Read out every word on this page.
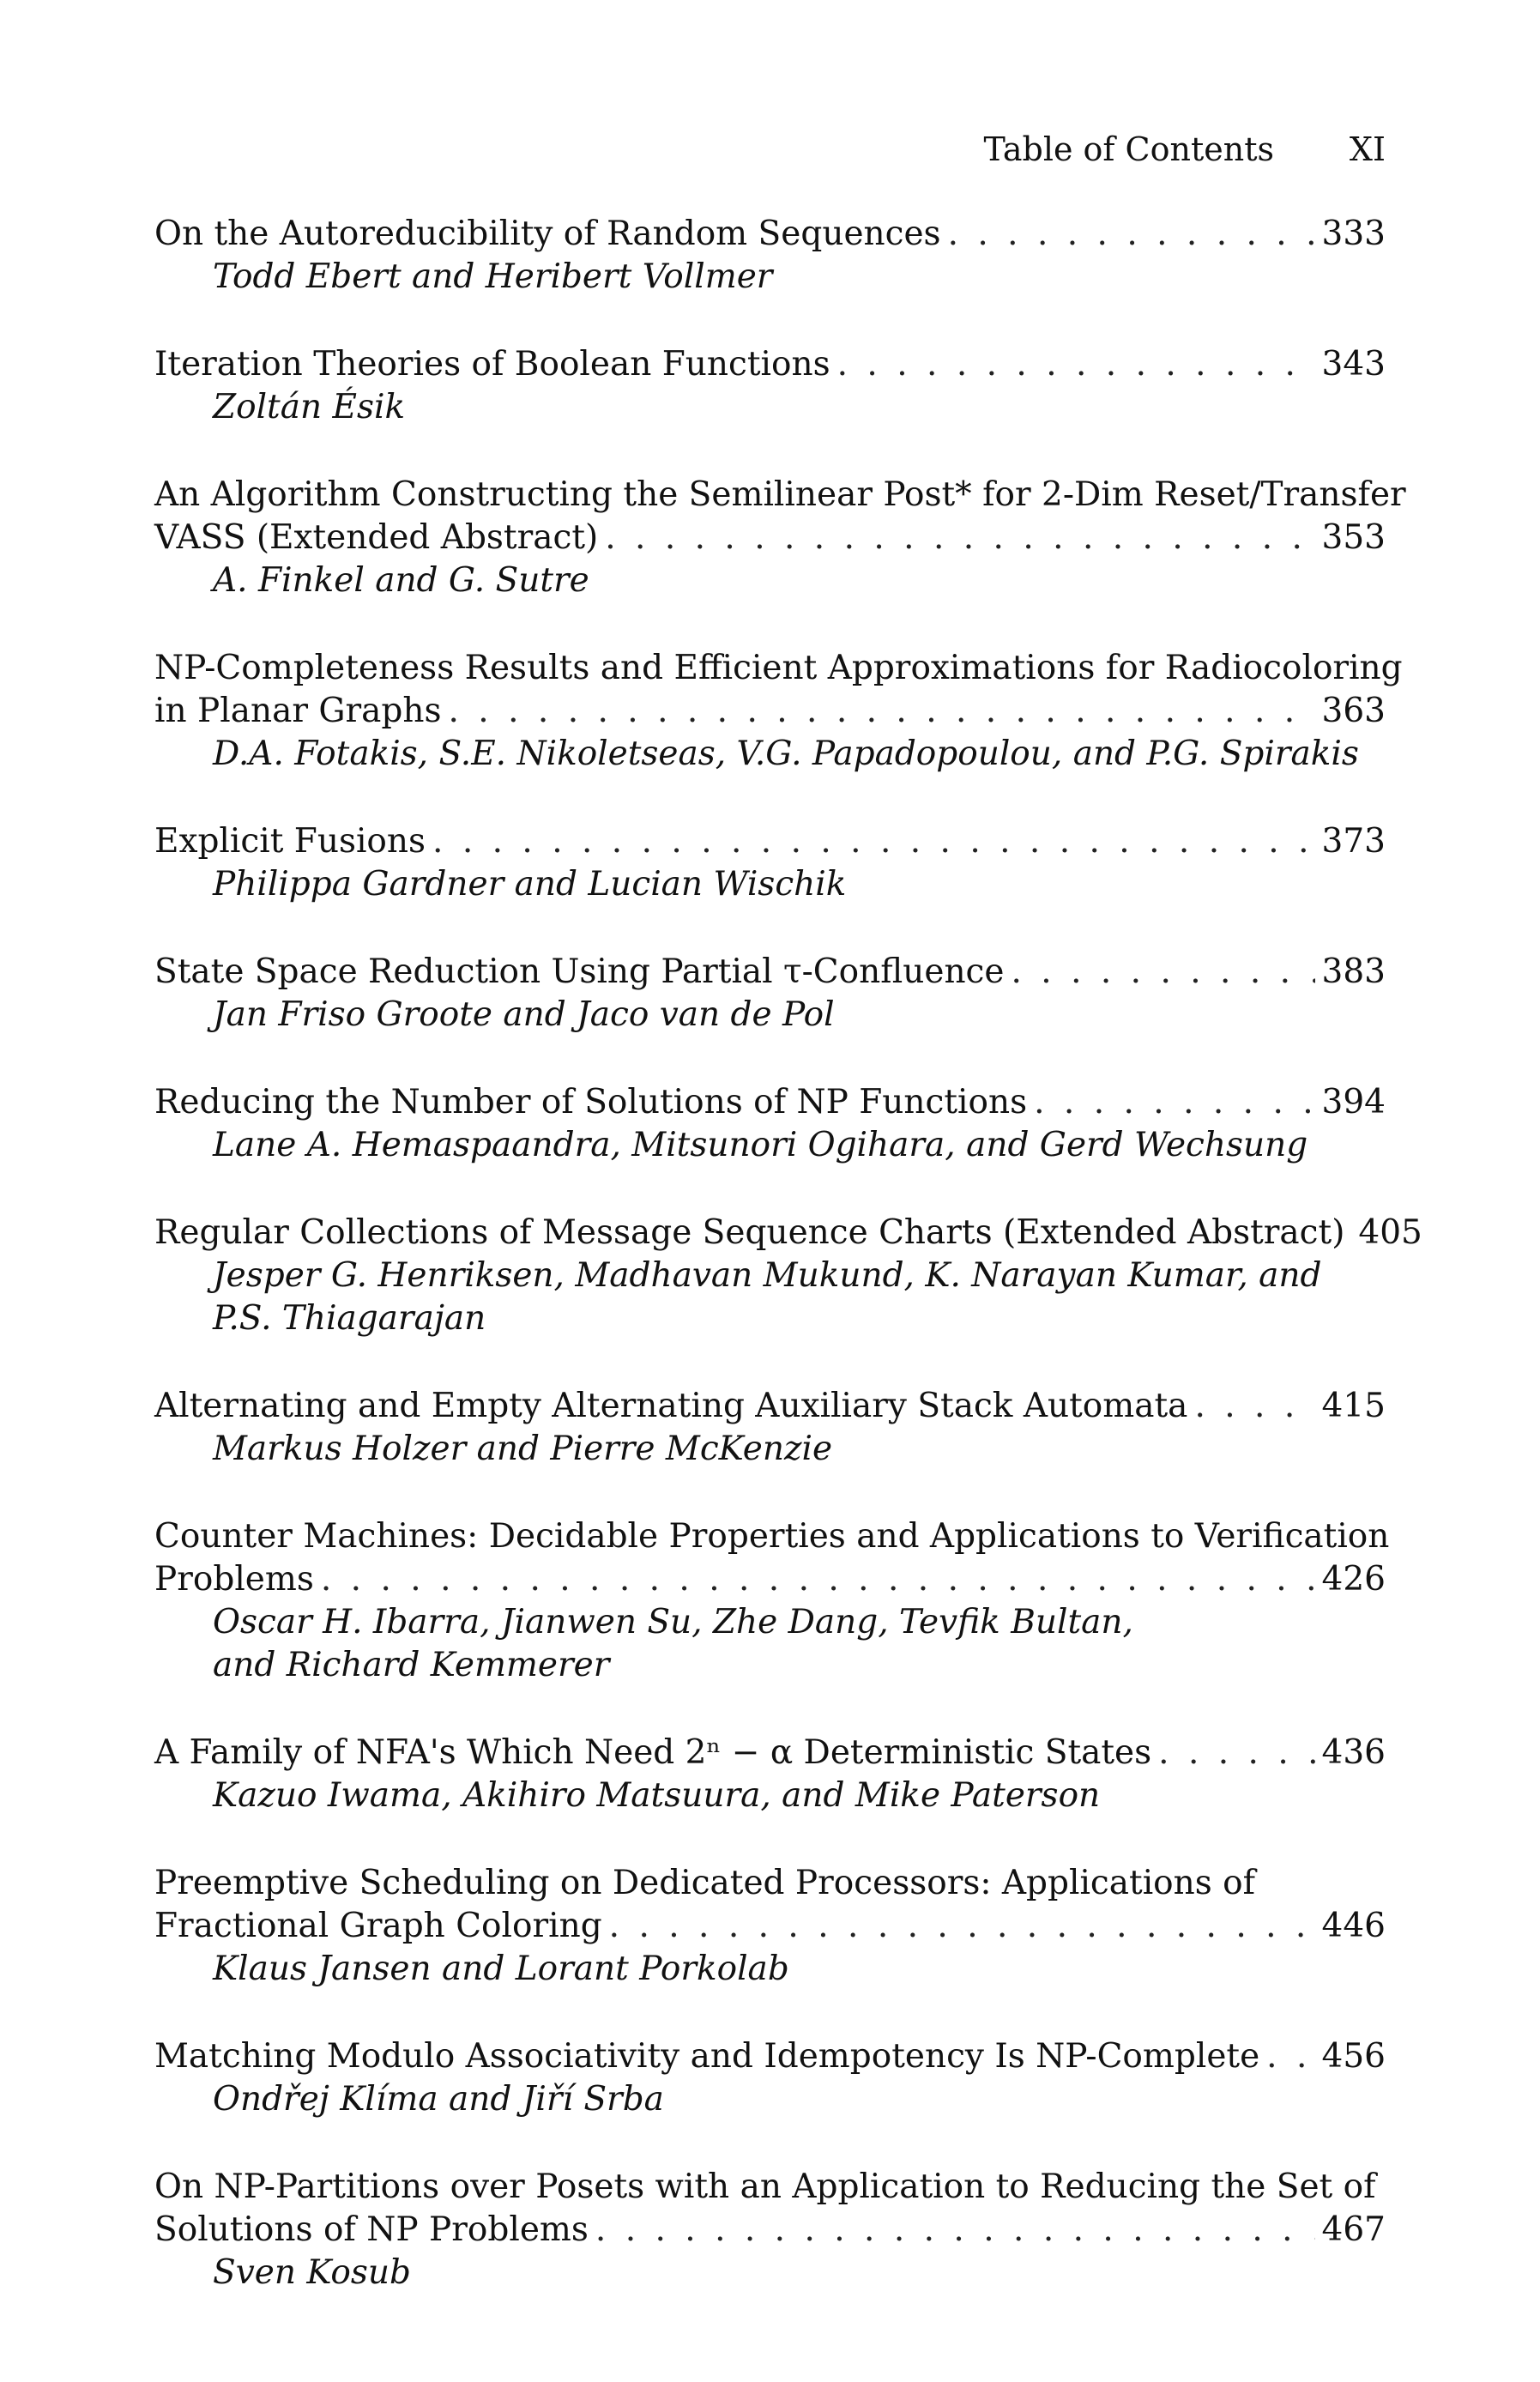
Table of Contents XI
On the Autoreducibility of Random Sequences . . .	333
Todd Ebert and Heribert Vollmer
Iteration Theories of Boolean Functions . . .	343
Zoltán Ésik
An Algorithm Constructing the Semilinear Post* for 2-Dim Reset/Transfer
VASS (Extended Abstract) . . .	353
A. Finkel and G. Sutre
NP-Completeness Results and Efficient Approximations for Radiocoloring
in Planar Graphs . . .	363
D.A. Fotakis, S.E. Nikoletseas, V.G. Papadopoulou, and P.G. Spirakis
Explicit Fusions . . .	373
Philippa Gardner and Lucian Wischik
State Space Reduction Using Partial τ-Confluence . . .	383
Jan Friso Groote and Jaco van de Pol
Reducing the Number of Solutions of NP Functions . . .	394
Lane A. Hemaspaandra, Mitsunori Ogihara, and Gerd Wechsung
Regular Collections of Message Sequence Charts (Extended Abstract) 405
Jesper G. Henriksen, Madhavan Mukund, K. Narayan Kumar, and
P.S. Thiagarajan
Alternating and Empty Alternating Auxiliary Stack Automata . . .	415
Markus Holzer and Pierre McKenzie
Counter Machines: Decidable Properties and Applications to Verification
Problems . . .	426
Oscar H. Ibarra, Jianwen Su, Zhe Dang, Tevfik Bultan,
and Richard Kemmerer
A Family of NFA's Which Need 2ⁿ − α Deterministic States . . .	436
Kazuo Iwama, Akihiro Matsuura, and Mike Paterson
Preemptive Scheduling on Dedicated Processors: Applications of
Fractional Graph Coloring . . .	446
Klaus Jansen and Lorant Porkolab
Matching Modulo Associativity and Idempotency Is NP-Complete . . . 456
Ondřej Klíma and Jiří Srba
On NP-Partitions over Posets with an Application to Reducing the Set of
Solutions of NP Problems . . .	467
Sven Kosub
